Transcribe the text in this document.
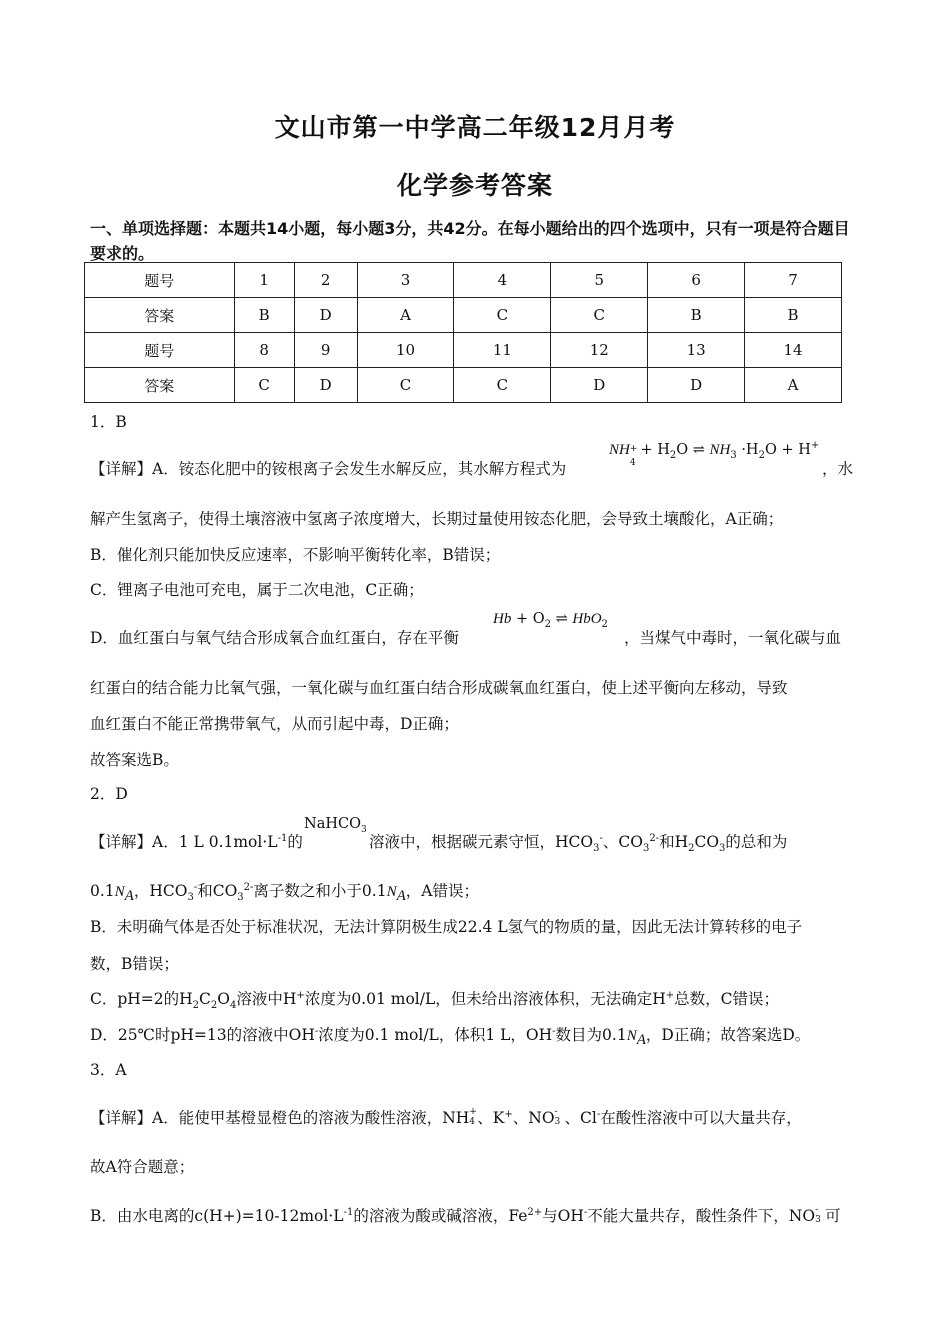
文山市第一中学高二年级12月月考
化学参考答案
一、单项选择题：本题共14小题，每小题3分，共42分。在每小题给出的四个选项中，只有一项是符合题目要求的。
题号	1	2	3	4	5	6	7
答案	B	D	A	C	C	B	B
题号	8	9	10	11	12	13	14
答案	C	D	C	C	D	D	A
1．B
【详解】A．铵态化肥中的铵根离子会发生水解反应，其水解方程式为
NH +
4
+ $H_2O$ ⇌ $NH_3 \cdot H_2O + H^+$
，水
解产生氢离子，使得土壤溶液中氢离子浓度增大，长期过量使用铵态化肥，会导致土壤酸化，A正确；
B．催化剂只能加快反应速率，不影响平衡转化率，B错误；
C．锂离子电池可充电，属于二次电池，C正确；
D．血红蛋白与氧气结合形成氧合血红蛋白，存在平衡
$Hb + O_2$ ⇌ HbO$_2$
，当煤气中毒时，一氧化碳与血
红蛋白的结合能力比氧气强，一氧化碳与血红蛋白结合形成碳氧血红蛋白，使上述平衡向左移动，导致
血红蛋白不能正常携带氧气，从而引起中毒，D正确；
故答案选B。
2．D
【详解】A．1 L $0.1mol\cdot L^{-1}$的
NaHCO$_3$
溶液中，根据碳元素守恒，$HCO_3^-$、$CO_3^{2-}$和$H_2CO_3$的总和为
0.1NA，$HCO_3^-$和$CO_3^{2-}$离子数之和小于0.1NA，A错误；
B．未明确气体是否处于标准状况，无法计算阴极生成22.4 L氢气的物质的量，因此无法计算转移的电子
数，B错误；
C．pH=2的$H_2C_2O_4$溶液中H+浓度为0.01 mol/L，但未给出溶液体积，无法确定H+总数，C错误；
D．25℃时pH=13的溶液中OH-浓度为0.1 mol/L，体积1 L，OH-数目为0.1NA，D正确；故答案选D。
3．A
【详解】A．能使甲基橙显橙色的溶液为酸性溶液，NH +
4 、K+、NO -
3 、Cl-在酸性溶液中可以大量共存，
故A符合题意；
B．由水电离的$c(H+)=10-12mol\cdot L^{-1}$的溶液为酸或碱溶液，$Fe^{2+}$与OH-不能大量共存，酸性条件下，NO -
3 可
